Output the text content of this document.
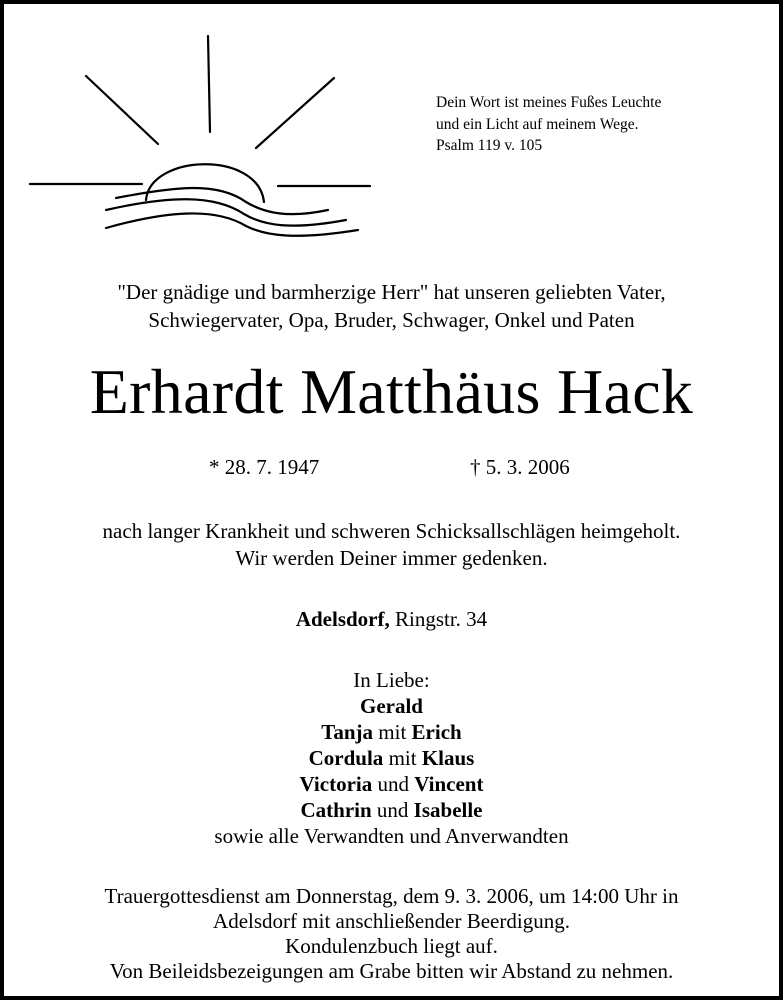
Dein Wort ist meines Fußes Leuchte
und ein Licht auf meinem Wege.
Psalm 119 v. 105
"Der gnädige und barmherzige Herr" hat unseren geliebten Vater,
Schwiegervater, Opa, Bruder, Schwager, Onkel und Paten
Erhardt Matthäus Hack
* 28. 7. 1947	† 5. 3. 2006
nach langer Krankheit und schweren Schicksallschlägen heimgeholt.
Wir werden Deiner immer gedenken.
Adelsdorf, Ringstr. 34
In Liebe:
Gerald
Tanja mit Erich
Cordula mit Klaus
Victoria und Vincent
Cathrin und Isabelle
sowie alle Verwandten und Anverwandten
Trauergottesdienst am Donnerstag, dem 9. 3. 2006, um 14:00 Uhr in
Adelsdorf mit anschließender Beerdigung.
Kondulenzbuch liegt auf.
Von Beileidsbezeigungen am Grabe bitten wir Abstand zu nehmen.
